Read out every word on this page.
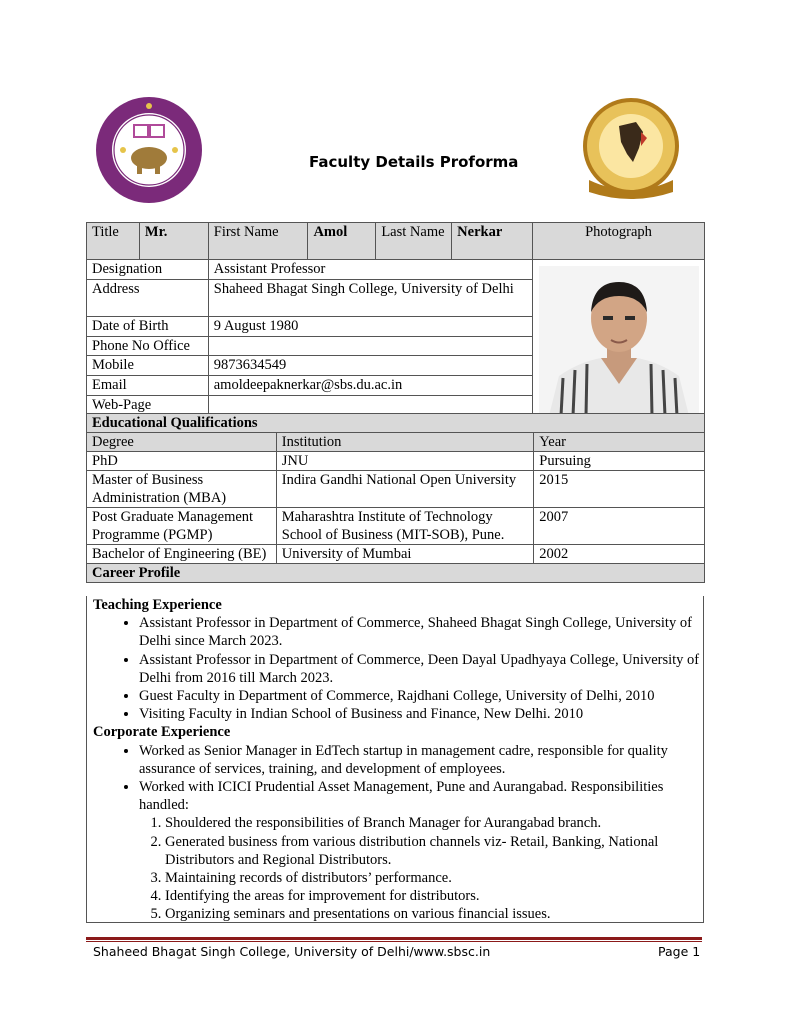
Faculty Details Proforma
Title	Mr.	First Name	Amol	Last Name	Nerkar	Photograph
Designation		Assistant Professor	

Address		Shaheed Bhagat Singh College, University of Delhi				
Date of Birth		9 August 1980				
Phone No Office						
Mobile		9873634549				
Email		amoldeepaknerkar@sbs.du.ac.in				
Web-Page						

Educational Qualifications		
Degree	Institution	Year
PhD	JNU	Pursuing
Master of Business Administration (MBA)	Indira Gandhi National Open University	2015
Post Graduate Management Programme (PGMP)	Maharashtra Institute of Technology School of Business (MIT-SOB), Pune.	2007
Bachelor of Engineering (BE)	University of Mumbai	2002
Career Profile		
Teaching Experience
• Assistant Professor in Department of Commerce, Shaheed Bhagat Singh College, University of Delhi since March 2023.
• Assistant Professor in Department of Commerce, Deen Dayal Upadhyaya College, University of Delhi from 2016 till March 2023.
• Guest Faculty in Department of Commerce, Rajdhani College, University of Delhi, 2010
• Visiting Faculty in Indian School of Business and Finance, New Delhi. 2010
Corporate Experience
• Worked as Senior Manager in EdTech startup in management cadre, responsible for quality assurance of services, training, and development of employees.
• Worked with ICICI Prudential Asset Management, Pune and Aurangabad. Responsibilities handled:
1. Shouldered the responsibilities of Branch Manager for Aurangabad branch.
2. Generated business from various distribution channels viz- Retail, Banking, National Distributors and Regional Distributors.
3. Maintaining records of distributors’ performance.
4. Identifying the areas for improvement for distributors.
5. Organizing seminars and presentations on various financial issues.
Shaheed Bhagat Singh College, University of Delhi/www.sbsc.in	Page 1
